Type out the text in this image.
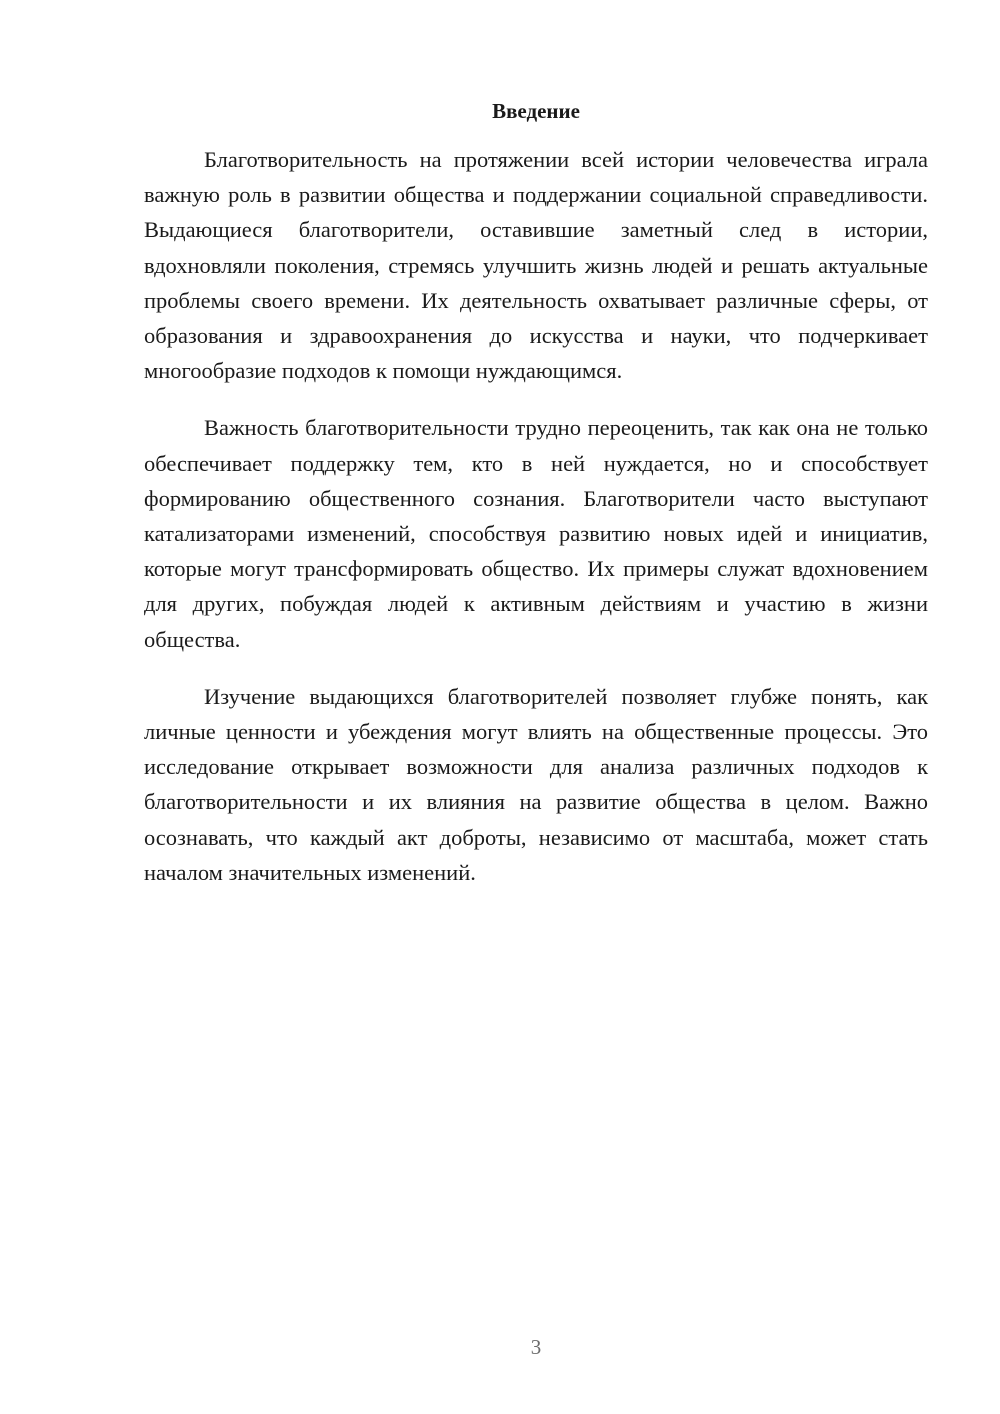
Введение

Благотворительность на протяжении всей истории человечества играла важную роль в развитии общества и поддержании социальной справедливости. Выдающиеся благотворители, оставившие заметный след в истории, вдохновляли поколения, стремясь улучшить жизнь людей и решать актуальные проблемы своего времени. Их деятельность охватывает различные сферы, от образования и здравоохранения до искусства и науки, что подчеркивает многообразие подходов к помощи нуждающимся.

Важность благотворительности трудно переоценить, так как она не только обеспечивает поддержку тем, кто в ней нуждается, но и способствует формированию общественного сознания. Благотворители часто выступают катализаторами изменений, способствуя развитию новых идей и инициатив, которые могут трансформировать общество. Их примеры служат вдохновением для других, побуждая людей к активным действиям и участию в жизни общества.

Изучение выдающихся благотворителей позволяет глубже понять, как личные ценности и убеждения могут влиять на общественные процессы. Это исследование открывает возможности для анализа различных подходов к благотворительности и их влияния на развитие общества в целом. Важно осознавать, что каждый акт доброты, независимо от масштаба, может стать началом значительных изменений.

3
